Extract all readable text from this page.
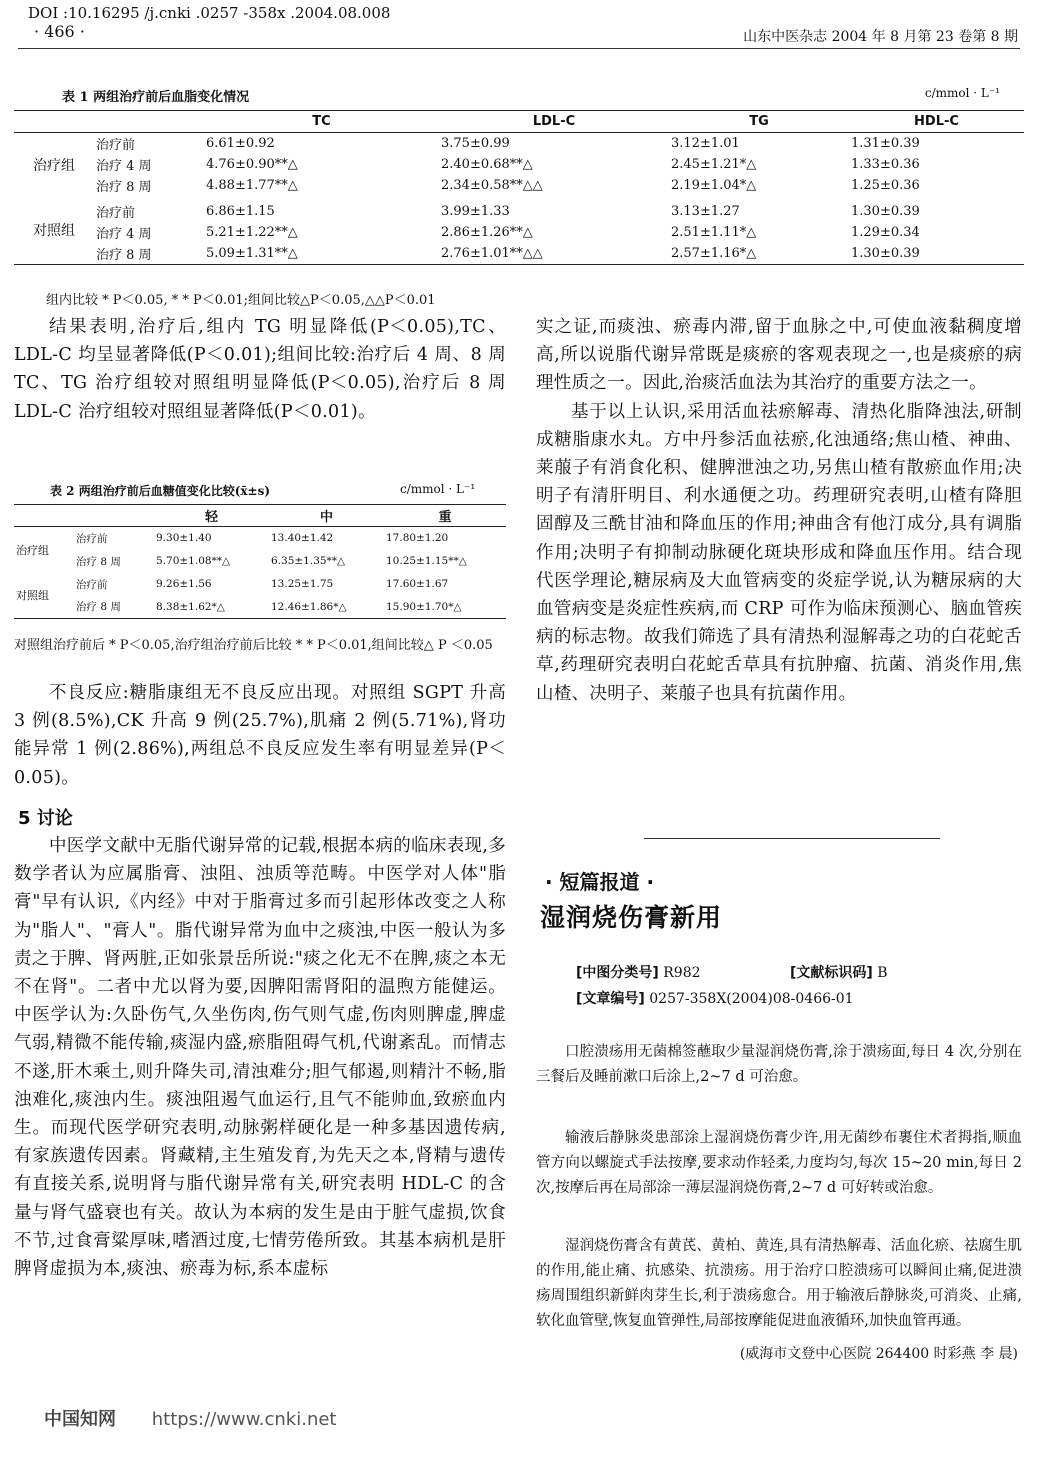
DOI :10.16295 /j.cnki .0257 -358x .2004.08.008
· 466 ·	山东中医杂志 2004 年 8 月第 23 卷第 8 期
表 1 两组治疗前后血脂变化情况	c/mmol · L⁻¹
		TC	LDL-C	TG	HDL-C
治疗组	治疗前	6.61±0.92	3.75±0.99	3.12±1.01	1.31±0.39
	治疗 4 周	4.76±0.90**△	2.40±0.68**△	2.45±1.21*△	1.33±0.36
	治疗 8 周	4.88±1.77**△	2.34±0.58**△△	2.19±1.04*△	1.25±0.36
对照组	治疗前	6.86±1.15	3.99±1.33	3.13±1.27	1.30±0.39
	治疗 4 周	5.21±1.22**△	2.86±1.26**△	2.51±1.11*△	1.29±0.34
	治疗 8 周	5.09±1.31**△	2.76±1.01**△△	2.57±1.16*△	1.30±0.39
组内比较 * P＜0.05, * * P＜0.01;组间比较△P＜0.05,△△P＜0.01

结果表明,治疗后,组内 TG 明显降低(P＜0.05),TC、LDL-C 均呈显著降低(P＜0.01);组间比较:治疗后 4 周、8 周 TC、TG 治疗组较对照组明显降低(P＜0.05),治疗后 8 周 LDL-C 治疗组较对照组显著降低(P＜0.01)。

表 2 两组治疗前后血糖值变化比较(x̄±s)	c/mmol · L⁻¹
		轻	中	重
治疗组	治疗前	9.30±1.40	13.40±1.42	17.80±1.20
	治疗 8 周	5.70±1.08**△	6.35±1.35**△	10.25±1.15**△
对照组	治疗前	9.26±1.56	13.25±1.75	17.60±1.67
	治疗 8 周	8.38±1.62*△	12.46±1.86*△	15.90±1.70*△
对照组治疗前后 * P＜0.05,治疗组治疗前后比较 * * P＜0.01,组间比较△ P ＜0.05

不良反应:糖脂康组无不良反应出现。对照组 SGPT 升高 3 例(8.5%),CK 升高 9 例(25.7%),肌痛 2 例(5.71%),肾功能异常 1 例(2.86%),两组总不良反应发生率有明显差异(P＜0.05)。

5 讨论

中医学文献中无脂代谢异常的记载,根据本病的临床表现,多数学者认为应属脂膏、浊阻、浊质等范畴。中医学对人体"脂膏"早有认识,《内经》中对于脂膏过多而引起形体改变之人称为"脂人"、"膏人"。脂代谢异常为血中之痰浊,中医一般认为多责之于脾、肾两脏,正如张景岳所说:"痰之化无不在脾,痰之本无不在肾"。二者中尤以肾为要,因脾阳需肾阳的温煦方能健运。中医学认为:久卧伤气,久坐伤肉,伤气则气虚,伤肉则脾虚,脾虚气弱,精微不能传输,痰湿内盛,瘀脂阻碍气机,代谢紊乱。而情志不遂,肝木乘土,则升降失司,清浊难分;胆气郁遏,则精汁不畅,脂浊难化,痰浊内生。痰浊阻遏气血运行,且气不能帅血,致瘀血内生。而现代医学研究表明,动脉粥样硬化是一种多基因遗传病,有家族遗传因素。肾藏精,主生殖发育,为先天之本,肾精与遗传有直接关系,说明肾与脂代谢异常有关,研究表明 HDL-C 的含量与肾气盛衰也有关。故认为本病的发生是由于脏气虚损,饮食不节,过食膏粱厚味,嗜酒过度,七情劳倦所致。其基本病机是肝脾肾虚损为本,痰浊、瘀毒为标,系本虚标

实之证,而痰浊、瘀毒内滞,留于血脉之中,可使血液黏稠度增高,所以说脂代谢异常既是痰瘀的客观表现之一,也是痰瘀的病理性质之一。因此,治痰活血法为其治疗的重要方法之一。

基于以上认识,采用活血祛瘀解毒、清热化脂降浊法,研制成糖脂康水丸。方中丹参活血祛瘀,化浊通络;焦山楂、神曲、莱菔子有消食化积、健脾泄浊之功,另焦山楂有散瘀血作用;决明子有清肝明目、利水通便之功。药理研究表明,山楂有降胆固醇及三酰甘油和降血压的作用;神曲含有他汀成分,具有调脂作用;决明子有抑制动脉硬化斑块形成和降血压作用。结合现代医学理论,糖尿病及大血管病变的炎症学说,认为糖尿病的大血管病变是炎症性疾病,而 CRP 可作为临床预测心、脑血管疾病的标志物。故我们筛选了具有清热利湿解毒之功的白花蛇舌草,药理研究表明白花蛇舌草具有抗肿瘤、抗菌、消炎作用,焦山楂、决明子、莱菔子也具有抗菌作用。

· 短篇报道 ·
湿润烧伤膏新用
[中图分类号] R982	[文献标识码] B
[文章编号] 0257-358X(2004)08-0466-01

口腔溃疡用无菌棉签蘸取少量湿润烧伤膏,涂于溃疡面,每日 4 次,分别在三餐后及睡前漱口后涂上,2~7 d 可治愈。

输液后静脉炎患部涂上湿润烧伤膏少许,用无菌纱布裹住术者拇指,顺血管方向以螺旋式手法按摩,要求动作轻柔,力度均匀,每次 15~20 min,每日 2 次,按摩后再在局部涂一薄层湿润烧伤膏,2~7 d 可好转或治愈。

湿润烧伤膏含有黄芪、黄柏、黄连,具有清热解毒、活血化瘀、祛腐生肌的作用,能止痛、抗感染、抗溃疡。用于治疗口腔溃疡可以瞬间止痛,促进溃疡周围组织新鲜肉芽生长,利于溃疡愈合。用于输液后静脉炎,可消炎、止痛,软化血管壁,恢复血管弹性,局部按摩能促进血液循环,加快血管再通。

(威海市文登中心医院 264400 时彩燕 李 晨)
中国知网 https://www.cnki.net
